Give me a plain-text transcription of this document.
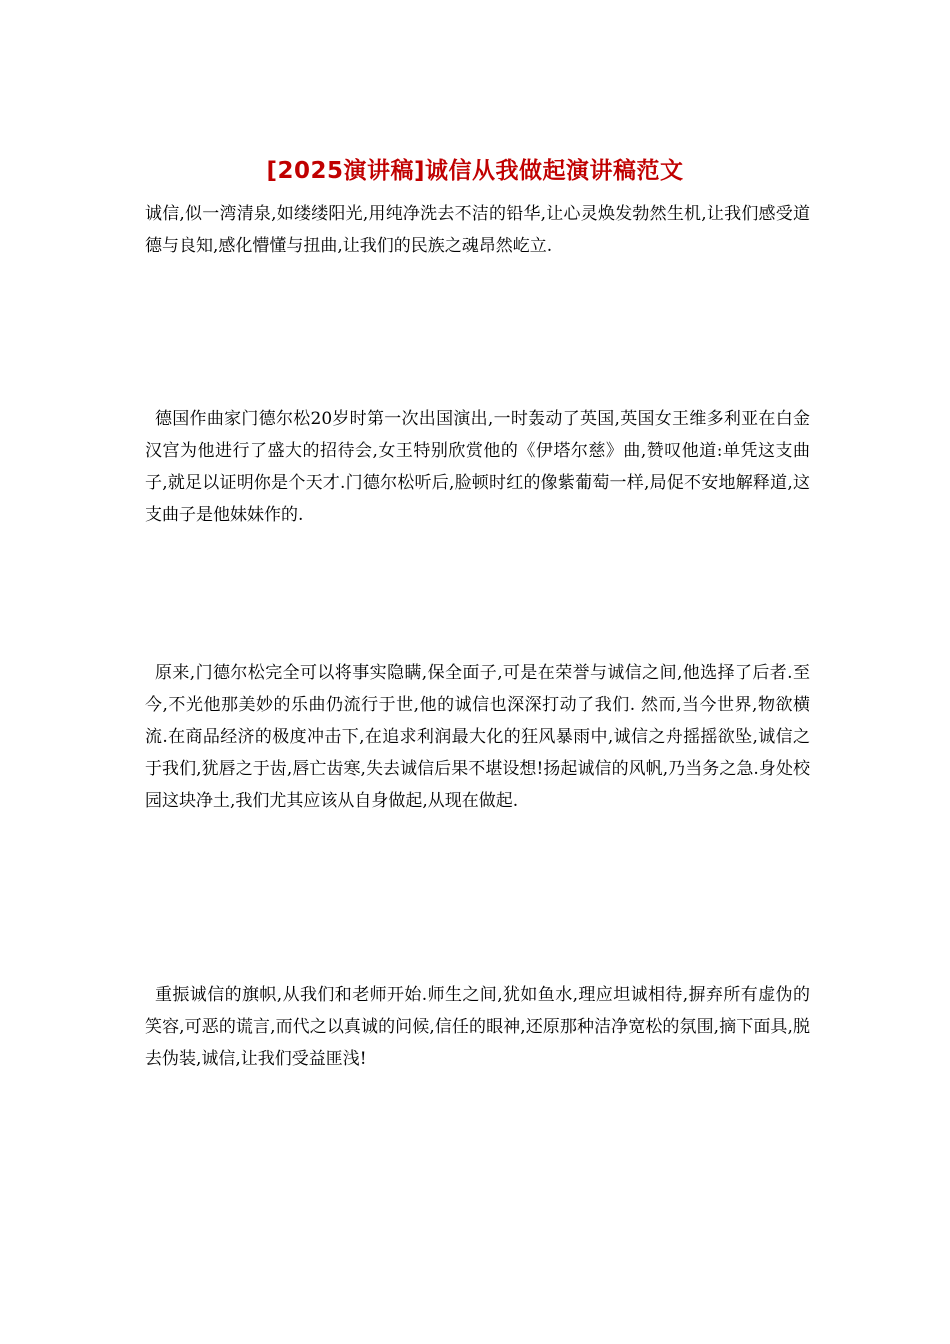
[2025演讲稿]诚信从我做起演讲稿范文

诚信,似一湾清泉,如缕缕阳光,用纯净洗去不洁的铅华,让心灵焕发勃然生机,让我们感受道德与良知,感化懵懂与扭曲,让我们的民族之魂昂然屹立.

德国作曲家门德尔松20岁时第一次出国演出,一时轰动了英国,英国女王维多利亚在白金汉宫为他进行了盛大的招待会,女王特别欣赏他的《伊塔尔慈》曲,赞叹他道:单凭这支曲子,就足以证明你是个天才.门德尔松听后,脸顿时红的像紫葡萄一样,局促不安地解释道,这支曲子是他妹妹作的.

原来,门德尔松完全可以将事实隐瞒,保全面子,可是在荣誉与诚信之间,他选择了后者.至今,不光他那美妙的乐曲仍流行于世,他的诚信也深深打动了我们. 然而,当今世界,物欲横流.在商品经济的极度冲击下,在追求利润最大化的狂风暴雨中,诚信之舟摇摇欲坠,诚信之于我们,犹唇之于齿,唇亡齿寒,失去诚信后果不堪设想!扬起诚信的风帆,乃当务之急.身处校园这块净土,我们尤其应该从自身做起,从现在做起.

重振诚信的旗帜,从我们和老师开始.师生之间,犹如鱼水,理应坦诚相待,摒弃所有虚伪的笑容,可恶的谎言,而代之以真诚的问候,信任的眼神,还原那种洁净宽松的氛围,摘下面具,脱去伪装,诚信,让我们受益匪浅!
